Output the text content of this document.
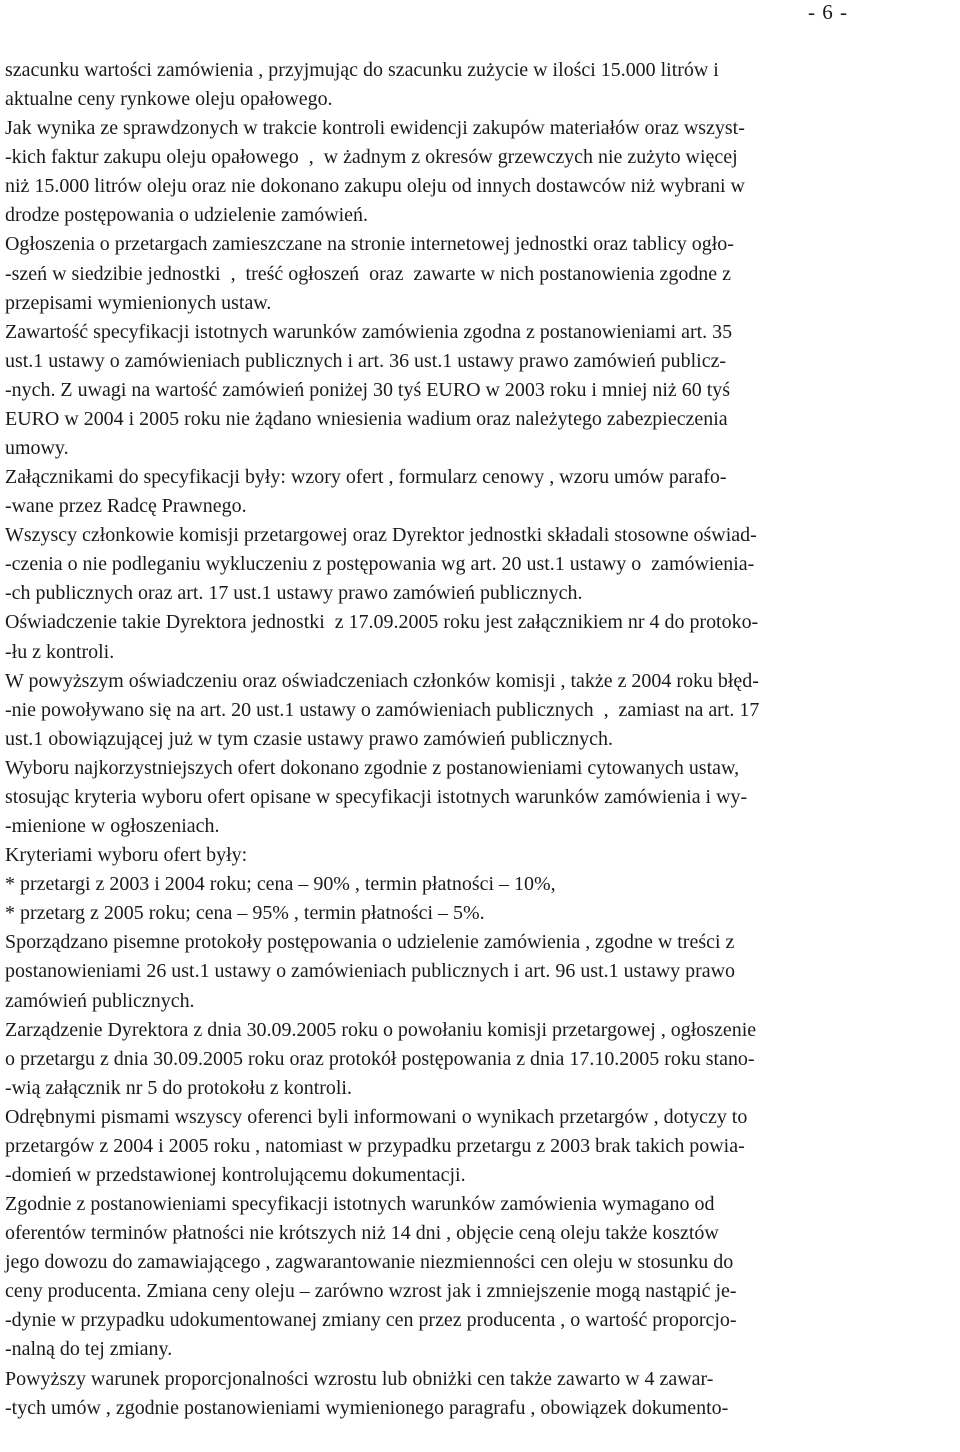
- 6 -
szacunku wartości zamówienia , przyjmując do szacunku zużycie w ilości 15.000 litrów i
aktualne ceny rynkowe oleju opałowego.
Jak wynika ze sprawdzonych w trakcie kontroli ewidencji zakupów materiałów oraz wszyst-
-kich faktur zakupu oleju opałowego  ,  w żadnym z okresów grzewczych nie zużyto więcej
niż 15.000 litrów oleju oraz nie dokonano zakupu oleju od innych dostawców niż wybrani w
drodze postępowania o udzielenie zamówień.
Ogłoszenia o przetargach zamieszczane na stronie internetowej jednostki oraz tablicy ogło-
-szeń w siedzibie jednostki  ,  treść ogłoszeń  oraz  zawarte w nich postanowienia zgodne z
przepisami wymienionych ustaw.
Zawartość specyfikacji istotnych warunków zamówienia zgodna z postanowieniami art. 35
ust.1 ustawy o zamówieniach publicznych i art. 36 ust.1 ustawy prawo zamówień publicz-
-nych. Z uwagi na wartość zamówień poniżej 30 tyś EURO w 2003 roku i mniej niż 60 tyś
EURO w 2004 i 2005 roku nie żądano wniesienia wadium oraz należytego zabezpieczenia
umowy.
Załącznikami do specyfikacji były: wzory ofert , formularz cenowy , wzoru umów parafo-
-wane przez Radcę Prawnego.
Wszyscy członkowie komisji przetargowej oraz Dyrektor jednostki składali stosowne oświad-
-czenia o nie podleganiu wykluczeniu z postępowania wg art. 20 ust.1 ustawy o  zamówienia-
-ch publicznych oraz art. 17 ust.1 ustawy prawo zamówień publicznych.
Oświadczenie takie Dyrektora jednostki  z 17.09.2005 roku jest załącznikiem nr 4 do protoko-
-łu z kontroli.
W powyższym oświadczeniu oraz oświadczeniach członków komisji , także z 2004 roku błęd-
-nie powoływano się na art. 20 ust.1 ustawy o zamówieniach publicznych  ,  zamiast na art. 17
ust.1 obowiązującej już w tym czasie ustawy prawo zamówień publicznych.
Wyboru najkorzystniejszych ofert dokonano zgodnie z postanowieniami cytowanych ustaw,
stosując kryteria wyboru ofert opisane w specyfikacji istotnych warunków zamówienia i wy-
-mienione w ogłoszeniach.
Kryteriami wyboru ofert były:
* przetargi z 2003 i 2004 roku; cena – 90% , termin płatności – 10%,
* przetarg z 2005 roku; cena – 95% , termin płatności – 5%.
Sporządzano pisemne protokoły postępowania o udzielenie zamówienia , zgodne w treści z
postanowieniami 26 ust.1 ustawy o zamówieniach publicznych i art. 96 ust.1 ustawy prawo
zamówień publicznych.
Zarządzenie Dyrektora z dnia 30.09.2005 roku o powołaniu komisji przetargowej , ogłoszenie
o przetargu z dnia 30.09.2005 roku oraz protokół postępowania z dnia 17.10.2005 roku stano-
-wią załącznik nr 5 do protokołu z kontroli.
Odrębnymi pismami wszyscy oferenci byli informowani o wynikach przetargów , dotyczy to
przetargów z 2004 i 2005 roku , natomiast w przypadku przetargu z 2003 brak takich powia-
-domień w przedstawionej kontrolującemu dokumentacji.
Zgodnie z postanowieniami specyfikacji istotnych warunków zamówienia wymagano od
oferentów terminów płatności nie krótszych niż 14 dni , objęcie ceną oleju także kosztów
jego dowozu do zamawiającego , zagwarantowanie niezmienności cen oleju w stosunku do
ceny producenta. Zmiana ceny oleju – zarówno wzrost jak i zmniejszenie mogą nastąpić je-
-dynie w przypadku udokumentowanej zmiany cen przez producenta , o wartość proporcjo-
-nalną do tej zmiany.
Powyższy warunek proporcjonalności wzrostu lub obniżki cen także zawarto w 4 zawar-
-tych umów , zgodnie postanowieniami wymienionego paragrafu , obowiązek dokumento-
